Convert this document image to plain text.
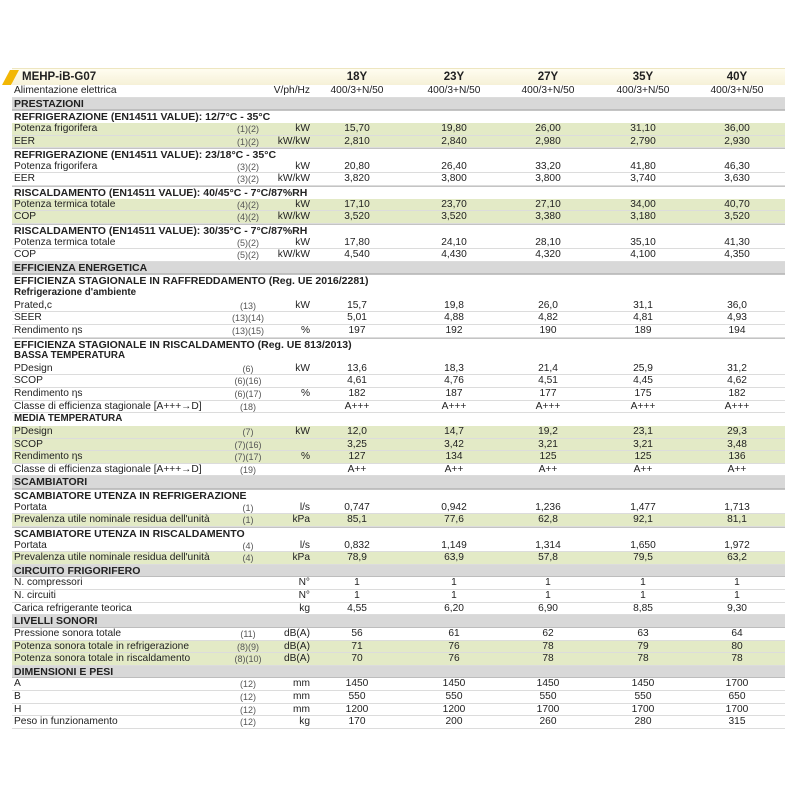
MEHP-iB-G07	18Y	23Y	27Y	35Y	40Y
Alimentazione elettrica	V/ph/Hz	400/3+N/50	400/3+N/50	400/3+N/50	400/3+N/50	400/3+N/50
PRESTAZIONI
REFRIGERAZIONE (EN14511 VALUE): 12/7°C - 35°C
Potenza frigorifera	(1)(2)	kW	15,70	19,80	26,00	31,10	36,00
EER	(1)(2)	kW/kW	2,810	2,840	2,980	2,790	2,930
REFRIGERAZIONE (EN14511 VALUE): 23/18°C - 35°C
Potenza frigorifera	(3)(2)	kW	20,80	26,40	33,20	41,80	46,30
EER	(3)(2)	kW/kW	3,820	3,800	3,800	3,740	3,630
RISCALDAMENTO (EN14511 VALUE): 40/45°C - 7°C/87%RH
Potenza termica totale	(4)(2)	kW	17,10	23,70	27,10	34,00	40,70
COP	(4)(2)	kW/kW	3,520	3,520	3,380	3,180	3,520
RISCALDAMENTO (EN14511 VALUE): 30/35°C - 7°C/87%RH
Potenza termica totale	(5)(2)	kW	17,80	24,10	28,10	35,10	41,30
COP	(5)(2)	kW/kW	4,540	4,430	4,320	4,100	4,350
EFFICIENZA ENERGETICA
EFFICIENZA STAGIONALE IN RAFFREDDAMENTO (Reg. UE 2016/2281)
Refrigerazione d'ambiente
Prated,c	(13)	kW	15,7	19,8	26,0	31,1	36,0
SEER	(13)(14)	5,01	4,88	4,82	4,81	4,93
Rendimento ηs	(13)(15)	%	197	192	190	189	194
EFFICIENZA STAGIONALE IN RISCALDAMENTO (Reg. UE 813/2013)
BASSA TEMPERATURA
PDesign	(6)	kW	13,6	18,3	21,4	25,9	31,2
SCOP	(6)(16)	4,61	4,76	4,51	4,45	4,62
Rendimento ηs	(6)(17)	%	182	187	177	175	182
Classe di efficienza stagionale [A+++→D]	(18)	A+++	A+++	A+++	A+++	A+++
MEDIA TEMPERATURA
PDesign	(7)	kW	12,0	14,7	19,2	23,1	29,3
SCOP	(7)(16)	3,25	3,42	3,21	3,21	3,48
Rendimento ηs	(7)(17)	%	127	134	125	125	136
Classe di efficienza stagionale [A+++→D]	(19)	A++	A++	A++	A++	A++
SCAMBIATORI
SCAMBIATORE UTENZA IN REFRIGERAZIONE
Portata	(1)	l/s	0,747	0,942	1,236	1,477	1,713
Prevalenza utile nominale residua dell'unità	(1)	kPa	85,1	77,6	62,8	92,1	81,1
SCAMBIATORE UTENZA IN RISCALDAMENTO
Portata	(4)	l/s	0,832	1,149	1,314	1,650	1,972
Prevalenza utile nominale residua dell'unità	(4)	kPa	78,9	63,9	57,8	79,5	63,2
CIRCUITO FRIGORIFERO
N. compressori	N°	1	1	1	1	1
N. circuiti	N°	1	1	1	1	1
Carica refrigerante teorica	kg	4,55	6,20	6,90	8,85	9,30
LIVELLI SONORI
Pressione sonora totale	(11)	dB(A)	56	61	62	63	64
Potenza sonora totale in refrigerazione	(8)(9)	dB(A)	71	76	78	79	80
Potenza sonora totale in riscaldamento	(8)(10)	dB(A)	70	76	78	78	78
DIMENSIONI E PESI
A	(12)	mm	1450	1450	1450	1450	1700
B	(12)	mm	550	550	550	550	650
H	(12)	mm	1200	1200	1700	1700	1700
Peso in funzionamento	(12)	kg	170	200	260	280	315
